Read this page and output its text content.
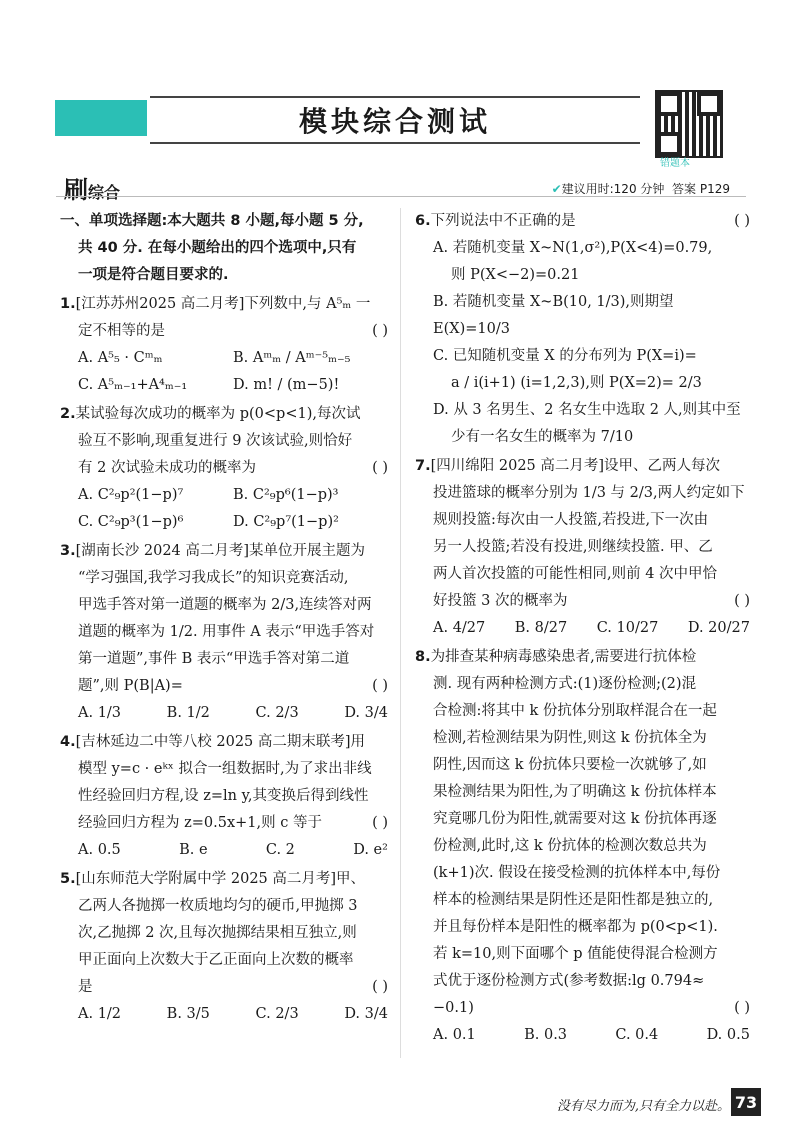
模块综合测试
错题本
刷综合	✔建议用时:120 分钟 答案 P129
一、单项选择题:本大题共 8 小题,每小题 5 分,
共 40 分. 在每小题给出的四个选项中,只有
一项是符合题目要求的.
1.[江苏苏州2025 高二月考]下列数中,与 A⁵ₘ 一
定不相等的是	( )
A. A⁵₅ · Cᵐₘ	B. Aᵐₘ / Aᵐ⁻⁵ₘ₋₅
C. A⁵ₘ₋₁+A⁴ₘ₋₁	D. m! / (m−5)!
2.某试验每次成功的概率为 p(0<p<1),每次试
验互不影响,现重复进行 9 次该试验,则恰好
有 2 次试验未成功的概率为	( )
A. C²₉p²(1−p)⁷	B. C²₉p⁶(1−p)³
C. C²₉p³(1−p)⁶	D. C²₉p⁷(1−p)²
3.[湖南长沙 2024 高二月考]某单位开展主题为
“学习强国,我学习我成长”的知识竞赛活动,
甲选手答对第一道题的概率为 2/3,连续答对两
道题的概率为 1/2. 用事件 A 表示“甲选手答对
第一道题”,事件 B 表示“甲选手答对第二道
题”,则 P(B|A)=	( )
A. 1/3	B. 1/2	C. 2/3	D. 3/4
4.[吉林延边二中等八校 2025 高二期末联考]用
模型 y=c · eᵏˣ 拟合一组数据时,为了求出非线
性经验回归方程,设 z=ln y,其变换后得到线性
经验回归方程为 z=0.5x+1,则 c 等于	( )
A. 0.5	B. e	C. 2	D. e²
5.[山东师范大学附属中学 2025 高二月考]甲、
乙两人各抛掷一枚质地均匀的硬币,甲抛掷 3
次,乙抛掷 2 次,且每次抛掷结果相互独立,则
甲正面向上次数大于乙正面向上次数的概率
是	( )
A. 1/2	B. 3/5	C. 2/3	D. 3/4
6.下列说法中不正确的是	( )
A. 若随机变量 X~N(1,σ²),P(X<4)=0.79,
则 P(X<−2)=0.21
B. 若随机变量 X~B(10, 1/3),则期望 E(X)=10/3
C. 已知随机变量 X 的分布列为 P(X=i)=
a / i(i+1) (i=1,2,3),则 P(X=2)= 2/3
D. 从 3 名男生、2 名女生中选取 2 人,则其中至
少有一名女生的概率为 7/10
7.[四川绵阳 2025 高二月考]设甲、乙两人每次
投进篮球的概率分别为 1/3 与 2/3,两人约定如下
规则投篮:每次由一人投篮,若投进,下一次由
另一人投篮;若没有投进,则继续投篮. 甲、乙
两人首次投篮的可能性相同,则前 4 次中甲恰
好投篮 3 次的概率为	( )
A. 4/27 B. 8/27 C. 10/27 D. 20/27
8.为排查某种病毒感染患者,需要进行抗体检
测. 现有两种检测方式:(1)逐份检测;(2)混
合检测:将其中 k 份抗体分别取样混合在一起
检测,若检测结果为阴性,则这 k 份抗体全为
阴性,因而这 k 份抗体只要检一次就够了,如
果检测结果为阳性,为了明确这 k 份抗体样本
究竟哪几份为阳性,就需要对这 k 份抗体再逐
份检测,此时,这 k 份抗体的检测次数总共为
(k+1)次. 假设在接受检测的抗体样本中,每份
样本的检测结果是阴性还是阳性都是独立的,
并且每份样本是阳性的概率都为 p(0<p<1).
若 k=10,则下面哪个 p 值能使得混合检测方
式优于逐份检测方式(参考数据:lg 0.794≈
−0.1)	( )
A. 0.1	B. 0.3	C. 0.4	D. 0.5
没有尽力而为,只有全力以赴。 73
